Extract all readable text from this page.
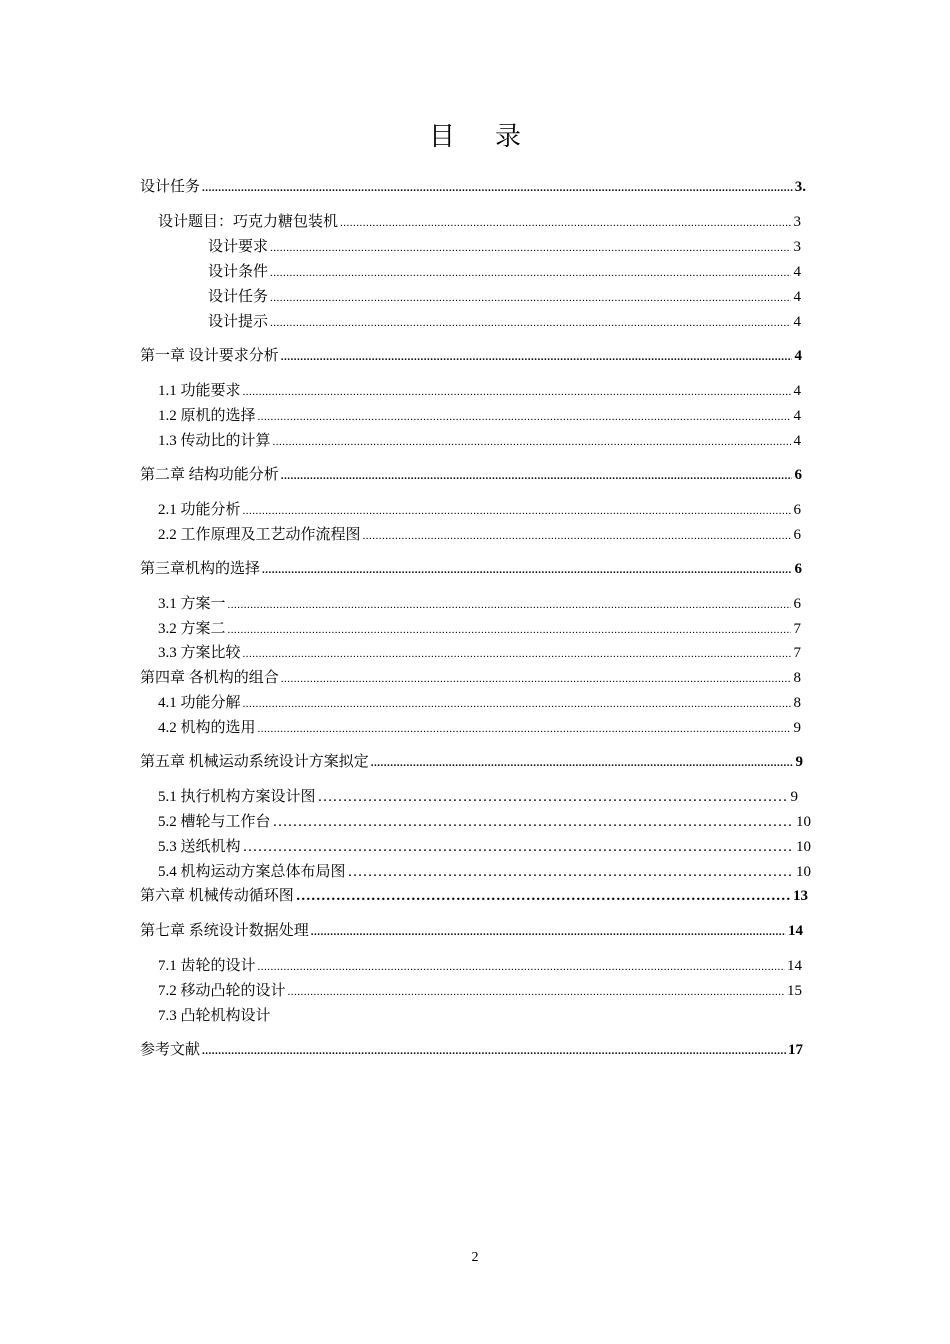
目 录
设计任务 .....	3.
设计题目：巧克力糖包装机 .....	3
设计要求 .....	3
设计条件 .....	4
设计任务 .....	4
设计提示 .....	4
第一章 设计要求分析 .....	4
1.1 功能要求 .....	4
1.2 原机的选择 .....	4
1.3 传动比的计算 .....	4
第二章 结构功能分析 .....	6
2.1 功能分析 .....	6
2.2 工作原理及工艺动作流程图 .....	6
第三章机构的选择 .....	6
3.1 方案一 .....	6
3.2 方案二 .....	7
3.3 方案比较 .....	7
第四章 各机构的组合 .....	8
4.1 功能分解 .....	8
4.2 机构的选用 .....	9
第五章 机械运动系统设计方案拟定 .....	9
5.1 执行机构方案设计图 ……………………………………………………………………………………………………………………………………………………………	9
5.2 槽轮与工作台 ……………………………………………………………………………………………………………………………………………………………	10
5.3 送纸机构 ……………………………………………………………………………………………………………………………………………………………	10
5.4 机构运动方案总体布局图 ……………………………………………………………………………………………………………………………………………………………	10
第六章 机械传动循环图 ……………………………………………………………………………………………………………………………………………………………	13
第七章 系统设计数据处理 .....	14
7.1 齿轮的设计 .....	14
7.2 移动凸轮的设计 .....	15
7.3 凸轮机构设计
参考文献 .....	17
2
